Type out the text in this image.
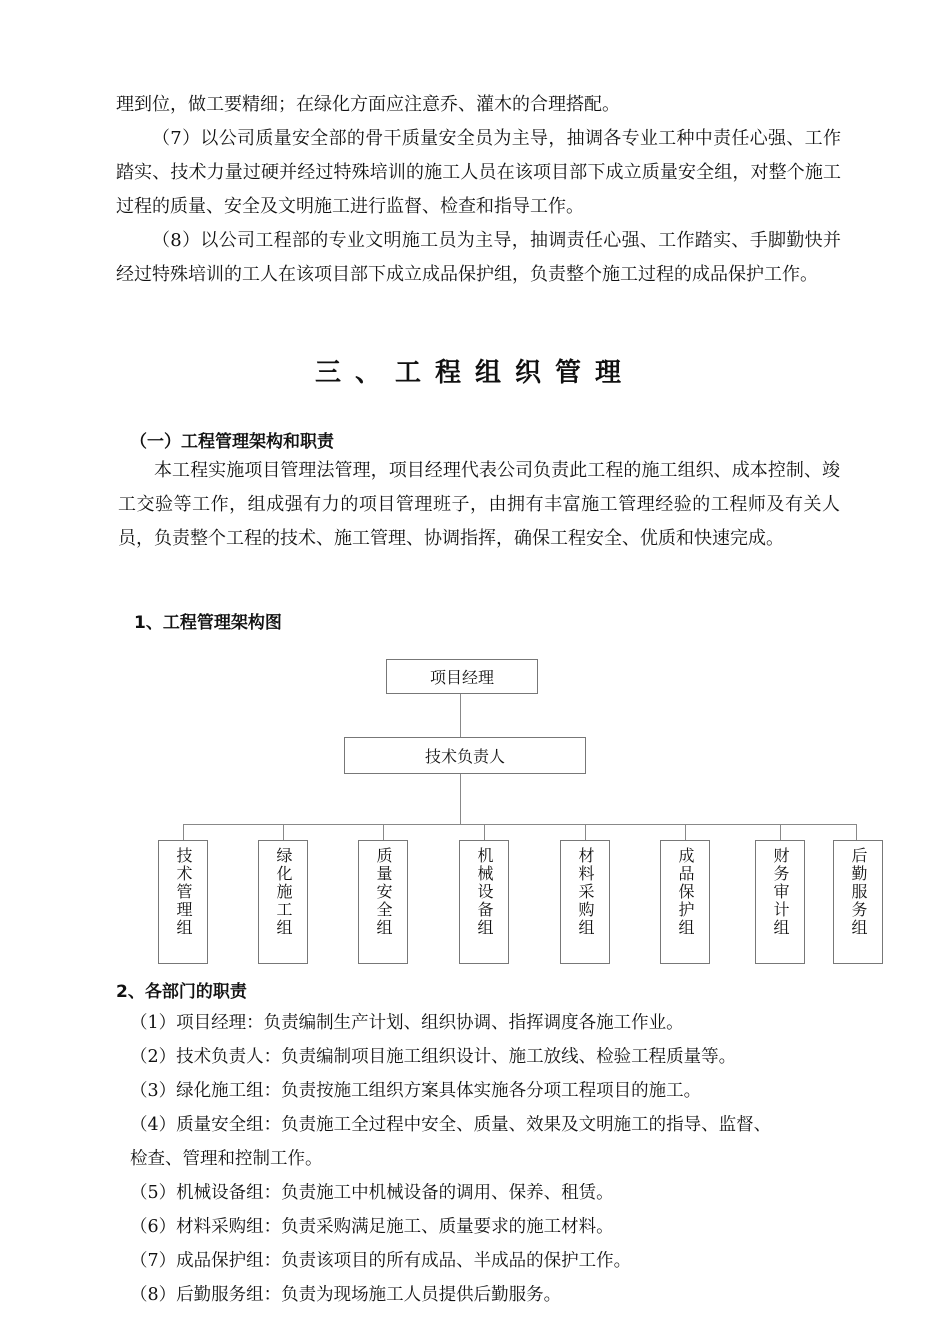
理到位，做工要精细；在绿化方面应注意乔、灌木的合理搭配。

（7）以公司质量安全部的骨干质量安全员为主导，抽调各专业工种中责任心强、工作踏实、技术力量过硬并经过特殊培训的施工人员在该项目部下成立质量安全组，对整个施工过程的质量、安全及文明施工进行监督、检查和指导工作。

（8）以公司工程部的专业文明施工员为主导，抽调责任心强、工作踏实、手脚勤快并经过特殊培训的工人在该项目部下成立成品保护组，负责整个施工过程的成品保护工作。

三、工程组织管理
（一）工程管理架构和职责

本工程实施项目管理法管理，项目经理代表公司负责此工程的施工组织、成本控制、竣工交验等工作，组成强有力的项目管理班子，由拥有丰富施工管理经验的工程师及有关人员，负责整个工程的技术、施工管理、协调指挥，确保工程安全、优质和快速完成。

1、工程管理架构图
项目经理
技术负责人
技术管理组	绿化施工组	质量安全组	机械设备组	材料采购组	成品保护组	财务审计组	后勤服务组
2、各部门的职责

（1）项目经理：负责编制生产计划、组织协调、指挥调度各施工作业。

（2）技术负责人：负责编制项目施工组织设计、施工放线、检验工程质量等。

（3）绿化施工组：负责按施工组织方案具体实施各分项工程项目的施工。

（4）质量安全组：负责施工全过程中安全、质量、效果及文明施工的指导、监督、

检查、管理和控制工作。

（5）机械设备组：负责施工中机械设备的调用、保养、租赁。

（6）材料采购组：负责采购满足施工、质量要求的施工材料。

（7）成品保护组：负责该项目的所有成品、半成品的保护工作。

（8）后勤服务组：负责为现场施工人员提供后勤服务。
